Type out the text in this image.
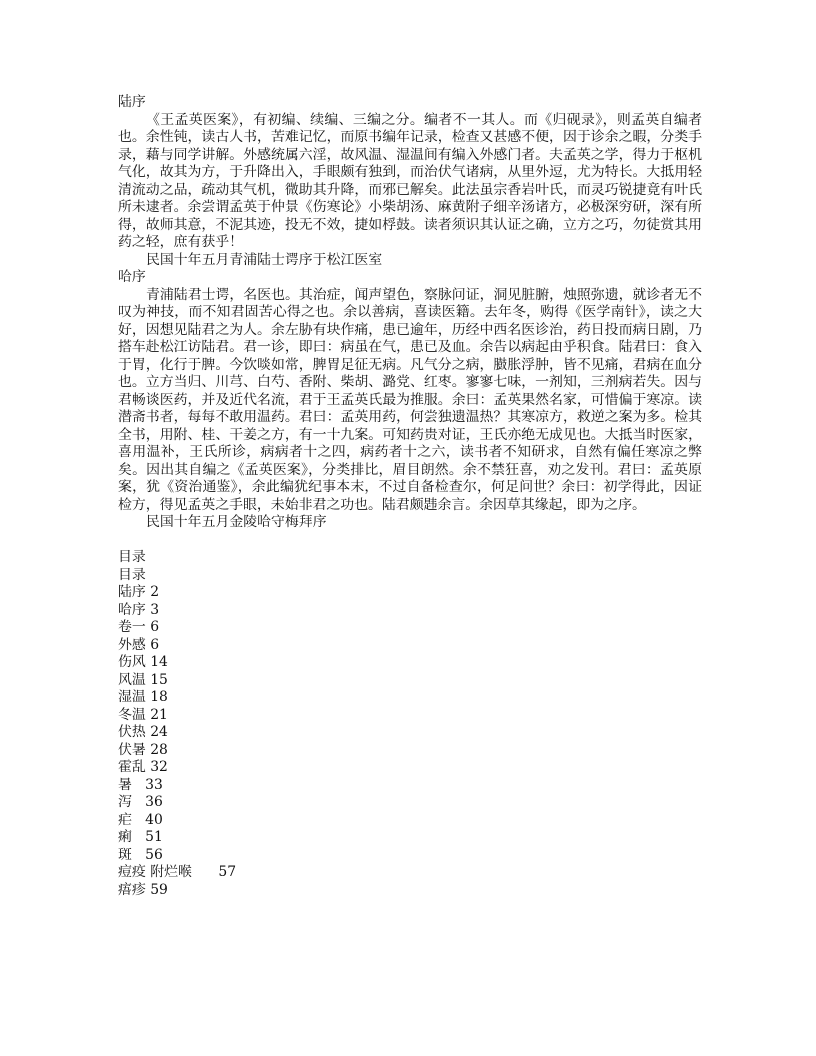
陆序

《王孟英医案》，有初编、续编、三编之分。编者不一其人。而《归砚录》，则孟英自编者也。余性钝，读古人书，苦难记忆，而原书编年记录，检查又甚感不便，因于诊余之暇，分类手录，藉与同学讲解。外感统属六淫，故风温、湿温间有编入外感门者。夫孟英之学，得力于枢机气化，故其为方，于升降出入，手眼颇有独到，而治伏气诸病，从里外逗，尤为特长。大抵用轻清流动之品，疏动其气机，微助其升降，而邪已解矣。此法虽宗香岩叶氏，而灵巧锐捷竟有叶氏所未逮者。余尝谓孟英于仲景《伤寒论》小柴胡汤、麻黄附子细辛汤诸方，必极深穷研，深有所得，故师其意，不泥其迹，投无不效，捷如桴鼓。读者须识其认证之确，立方之巧，勿徒赏其用药之轻，庶有获乎！

民国十年五月青浦陆士谔序于松江医室

哈序

青浦陆君士谔，名医也。其治症，闻声望色，察脉问证，洞见脏腑，烛照弥遗，就诊者无不叹为神技，而不知君固苦心得之也。余以善病，喜读医籍。去年冬，购得《医学南针》，读之大好，因想见陆君之为人。余左胁有块作痛，患已逾年，历经中西名医诊治，药日投而病日剧，乃搭车赴松江访陆君。君一诊，即曰：病虽在气，患已及血。余告以病起由乎积食。陆君曰：食入于胃，化行于脾。今饮啖如常，脾胃足征无病。凡气分之病，臌胀浮肿，皆不见痛，君病在血分也。立方当归、川芎、白芍、香附、柴胡、潞党、红枣。寥寥七味，一剂知，三剂病若失。因与君畅谈医药，并及近代名流，君于王孟英氏最为推服。余曰：孟英果然名家，可惜偏于寒凉。读潜斋书者，每每不敢用温药。君曰：孟英用药，何尝独遗温热？其寒凉方，救逆之案为多。检其全书，用附、桂、干姜之方，有一十九案。可知药贵对证，王氏亦绝无成见也。大抵当时医家，喜用温补，王氏所诊，病病者十之四，病药者十之六，读书者不知研求，自然有偏任寒凉之弊矣。因出其自编之《孟英医案》，分类排比，眉目朗然。余不禁狂喜，劝之发刊。君曰：孟英原案，犹《资治通鉴》，余此编犹纪事本末，不过自备检查尔，何足问世？余曰：初学得此，因证检方，得见孟英之手眼，未始非君之功也。陆君颇韪余言。余因草其缘起，即为之序。

民国十年五月金陵哈守梅拜序

目录
目录
陆序 2
哈序 3
卷一 6
外感 6
伤风 14
风温 15
湿温 18
冬温 21
伏热 24
伏暑 28
霍乱 32
暑 33
泻 36
疟 40
痢 51
斑 56
痘疫 附烂喉 57
痦疹 59
